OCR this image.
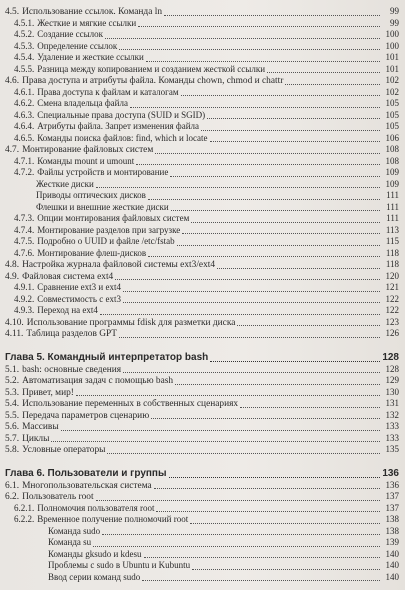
4.5. Использование ссылок. Команда ln	99
4.5.1. Жесткие и мягкие ссылки	99
4.5.2. Создание ссылок	100
4.5.3. Определение ссылок	100
4.5.4. Удаление и жесткие ссылки	101
4.5.5. Разница между копированием и созданием жесткой ссылки	101
4.6. Права доступа и атрибуты файла. Команды chown, chmod и chattr	102
4.6.1. Права доступа к файлам и каталогам	102
4.6.2. Смена владельца файла	105
4.6.3. Специальные права доступа (SUID и SGID)	105
4.6.4. Атрибуты файла. Запрет изменения файла	105
4.6.5. Команды поиска файлов: find, which и locate	106
4.7. Монтирование файловых систем	108
4.7.1. Команды mount и umount	108
4.7.2. Файлы устройств и монтирование	109
Жесткие диски	109
Приводы оптических дисков	111
Флешки и внешние жесткие диски	111
4.7.3. Опции монтирования файловых систем	111
4.7.4. Монтирование разделов при загрузке	113
4.7.5. Подробно о UUID и файле /etc/fstab	115
4.7.6. Монтирование флеш-дисков	118
4.8. Настройка журнала файловой системы ext3/ext4	118
4.9. Файловая система ext4	120
4.9.1. Сравнение ext3 и ext4	121
4.9.2. Совместимость с ext3	122
4.9.3. Переход на ext4	122
4.10. Использование программы fdisk для разметки диска	123
4.11. Таблица разделов GPT	126
Глава 5. Командный интерпретатор bash	128
5.1. bash: основные сведения	128
5.2. Автоматизация задач с помощью bash	129
5.3. Привет, мир!	130
5.4. Использование переменных в собственных сценариях	131
5.5. Передача параметров сценарию	132
5.6. Массивы	133
5.7. Циклы	133
5.8. Условные операторы	135
Глава 6. Пользователи и группы	136
6.1. Многопользовательская система	136
6.2. Пользователь root	137
6.2.1. Полномочия пользователя root	137
6.2.2. Временное получение полномочий root	138
Команда sudo	138
Команда su	139
Команды gksudo и kdesu	140
Проблемы с sudo в Ubuntu и Kubuntu	140
Ввод серии команд sudo	140
